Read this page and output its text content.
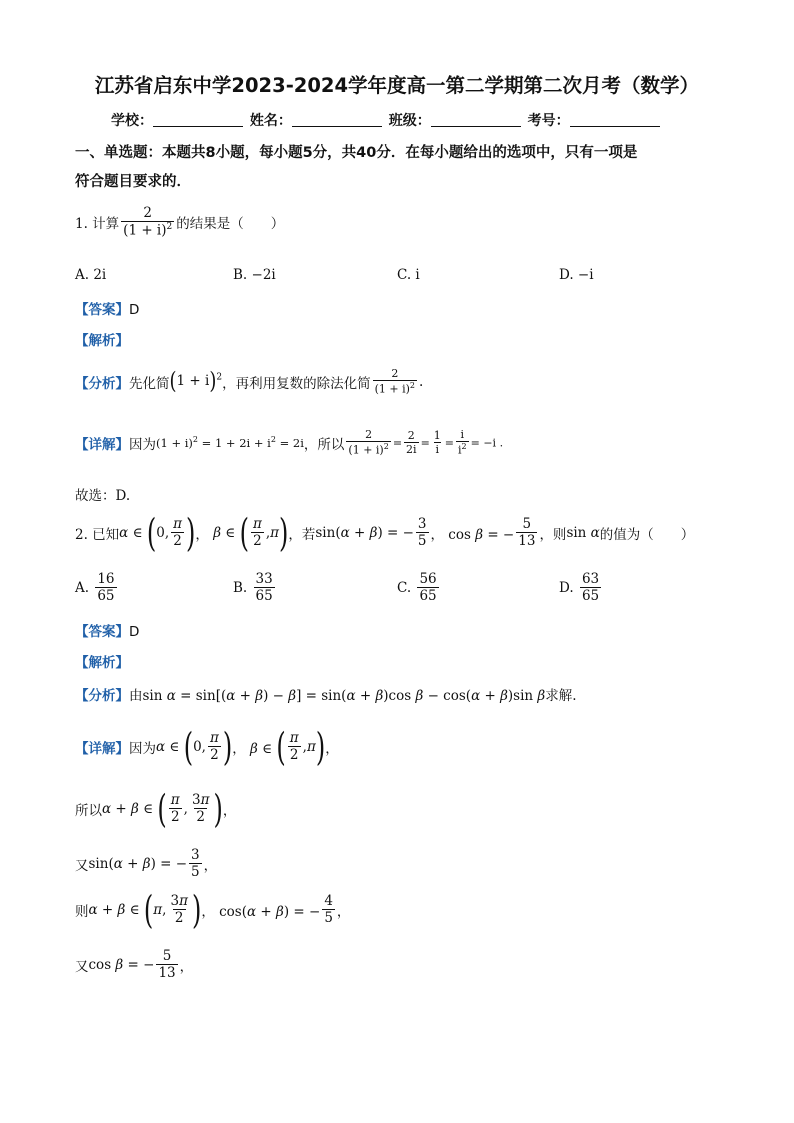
江苏省启东中学2023-2024学年度高一第二学期第二次月考（数学）
学校：	姓名：	班级：	考号：
一、单选题：本题共8小题，每小题5分，共40分．在每小题给出的选项中，只有一项是
符合题目要求的．
1. 计算 $\frac{2}{(1 + i)^2}$ 的结果是（　　）
A. 2i	B. −2i	C. i	D. −i
【答案】D
【解析】
【分析】先化简$(1 + i)^2$，再利用复数的除法化简 $\frac{2}{(1 + i)^2}$ .
【详解】因为$(1 + i)^2 = 1 + 2i + i^2 = 2i$，所以 $\frac{2}{(1 + i)^2} = \frac{2}{2i} = \frac{1}{i} = \frac{i}{i^2} = -i$ .
故选：D.
2. 已知α ∈ (0, $\frac{\pi}{2}$ )， β ∈ ( $\frac{\pi}{2} ,\pi$)，若sin(α + β) = − $\frac{3}{5}$ ， cos β = − $\frac{5}{13}$ ，则sin α的值为（　　）
A. $\frac{16}{65}$	B. $\frac{33}{65}$	C. $\frac{56}{65}$	D. $\frac{63}{65}$
【答案】D
【解析】
【分析】由sin α = sin[(α + β) − β] = sin(α + β)cos β − cos(α + β)sin β求解.
【详解】因为α ∈ (0, $\frac{\pi}{2}$ )， β ∈ ( $\frac{\pi}{2} ,\pi$)，
所以α + β ∈ ( $\frac{\pi}{2}$ , $\frac{3\pi}{2}$ )，
又sin(α + β) = − $\frac{3}{5}$ ，
则α + β ∈ (π, $\frac{3\pi}{2}$ )， cos(α + β) = − $\frac{4}{5}$ ，
又cos β = − $\frac{5}{13}$ ，
